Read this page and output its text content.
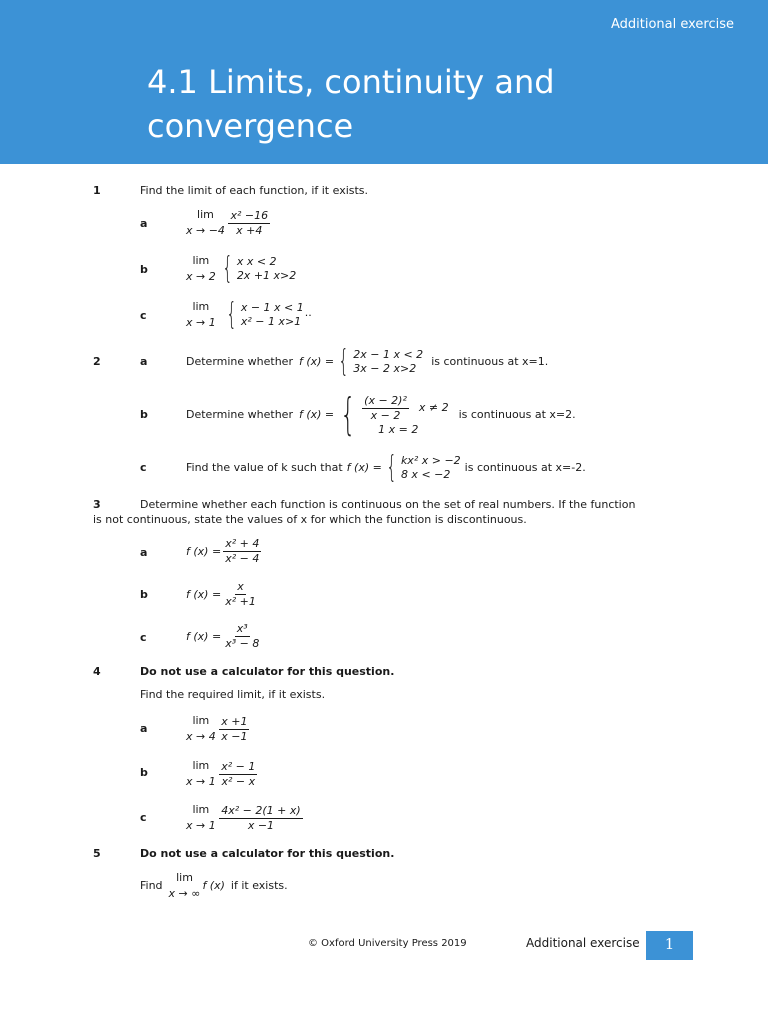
Additional exercise
4.1 Limits, continuity and convergence
1	Find the limit of each function, if it exists.
a
lim
x → −4
$\frac{\text{x² −16}}{x +4}$
b
lim
x → 2 { x x < 2
2x +1 x>2
c
lim
x → 1 { x − 1 x < 1
x² − 1 x>1
..
2	a	Determine whether f (x) = { 2x − 1 x < 2
3x − 2 x>2
is continuous at x=1.
b	Determine whether f (x) = { $\frac{\text{(x − 2)²}}{x - 2}$ x ≠ 2
1 x = 2
is continuous at x=2.
c	Find the value of k such that f (x) = { kx² x > −2
8 x < −2
is continuous at x=-2.
3	Determine whether each function is continuous on the set of real numbers. If the function
is not continuous, state the values of x for which the function is discontinuous.
a	f $(x) = \frac{\text{x² + 4}}{\text{x² − 4}}$
b	f $(x) = \frac{x}{\text{x² +1}}$
c	f $(x) = \frac{\text{x³}}{\text{x³ − 8}}$
4	Do not use a calculator for this question.
Find the required limit, if it exists.
a
lim
x → 4
$\frac{x +1}{x -1}$
b
lim
x → 1
$\frac{\text{x² − 1}}{\text{x² − x}}$
c
lim
x → 1
$\frac{\text{4x² − 2(1 + x)}}{x -1}$
5	Do not use a calculator for this question.
Find
lim
x → ∞
f (x) if it exists.
© Oxford University Press 2019	Additional exercise	1
